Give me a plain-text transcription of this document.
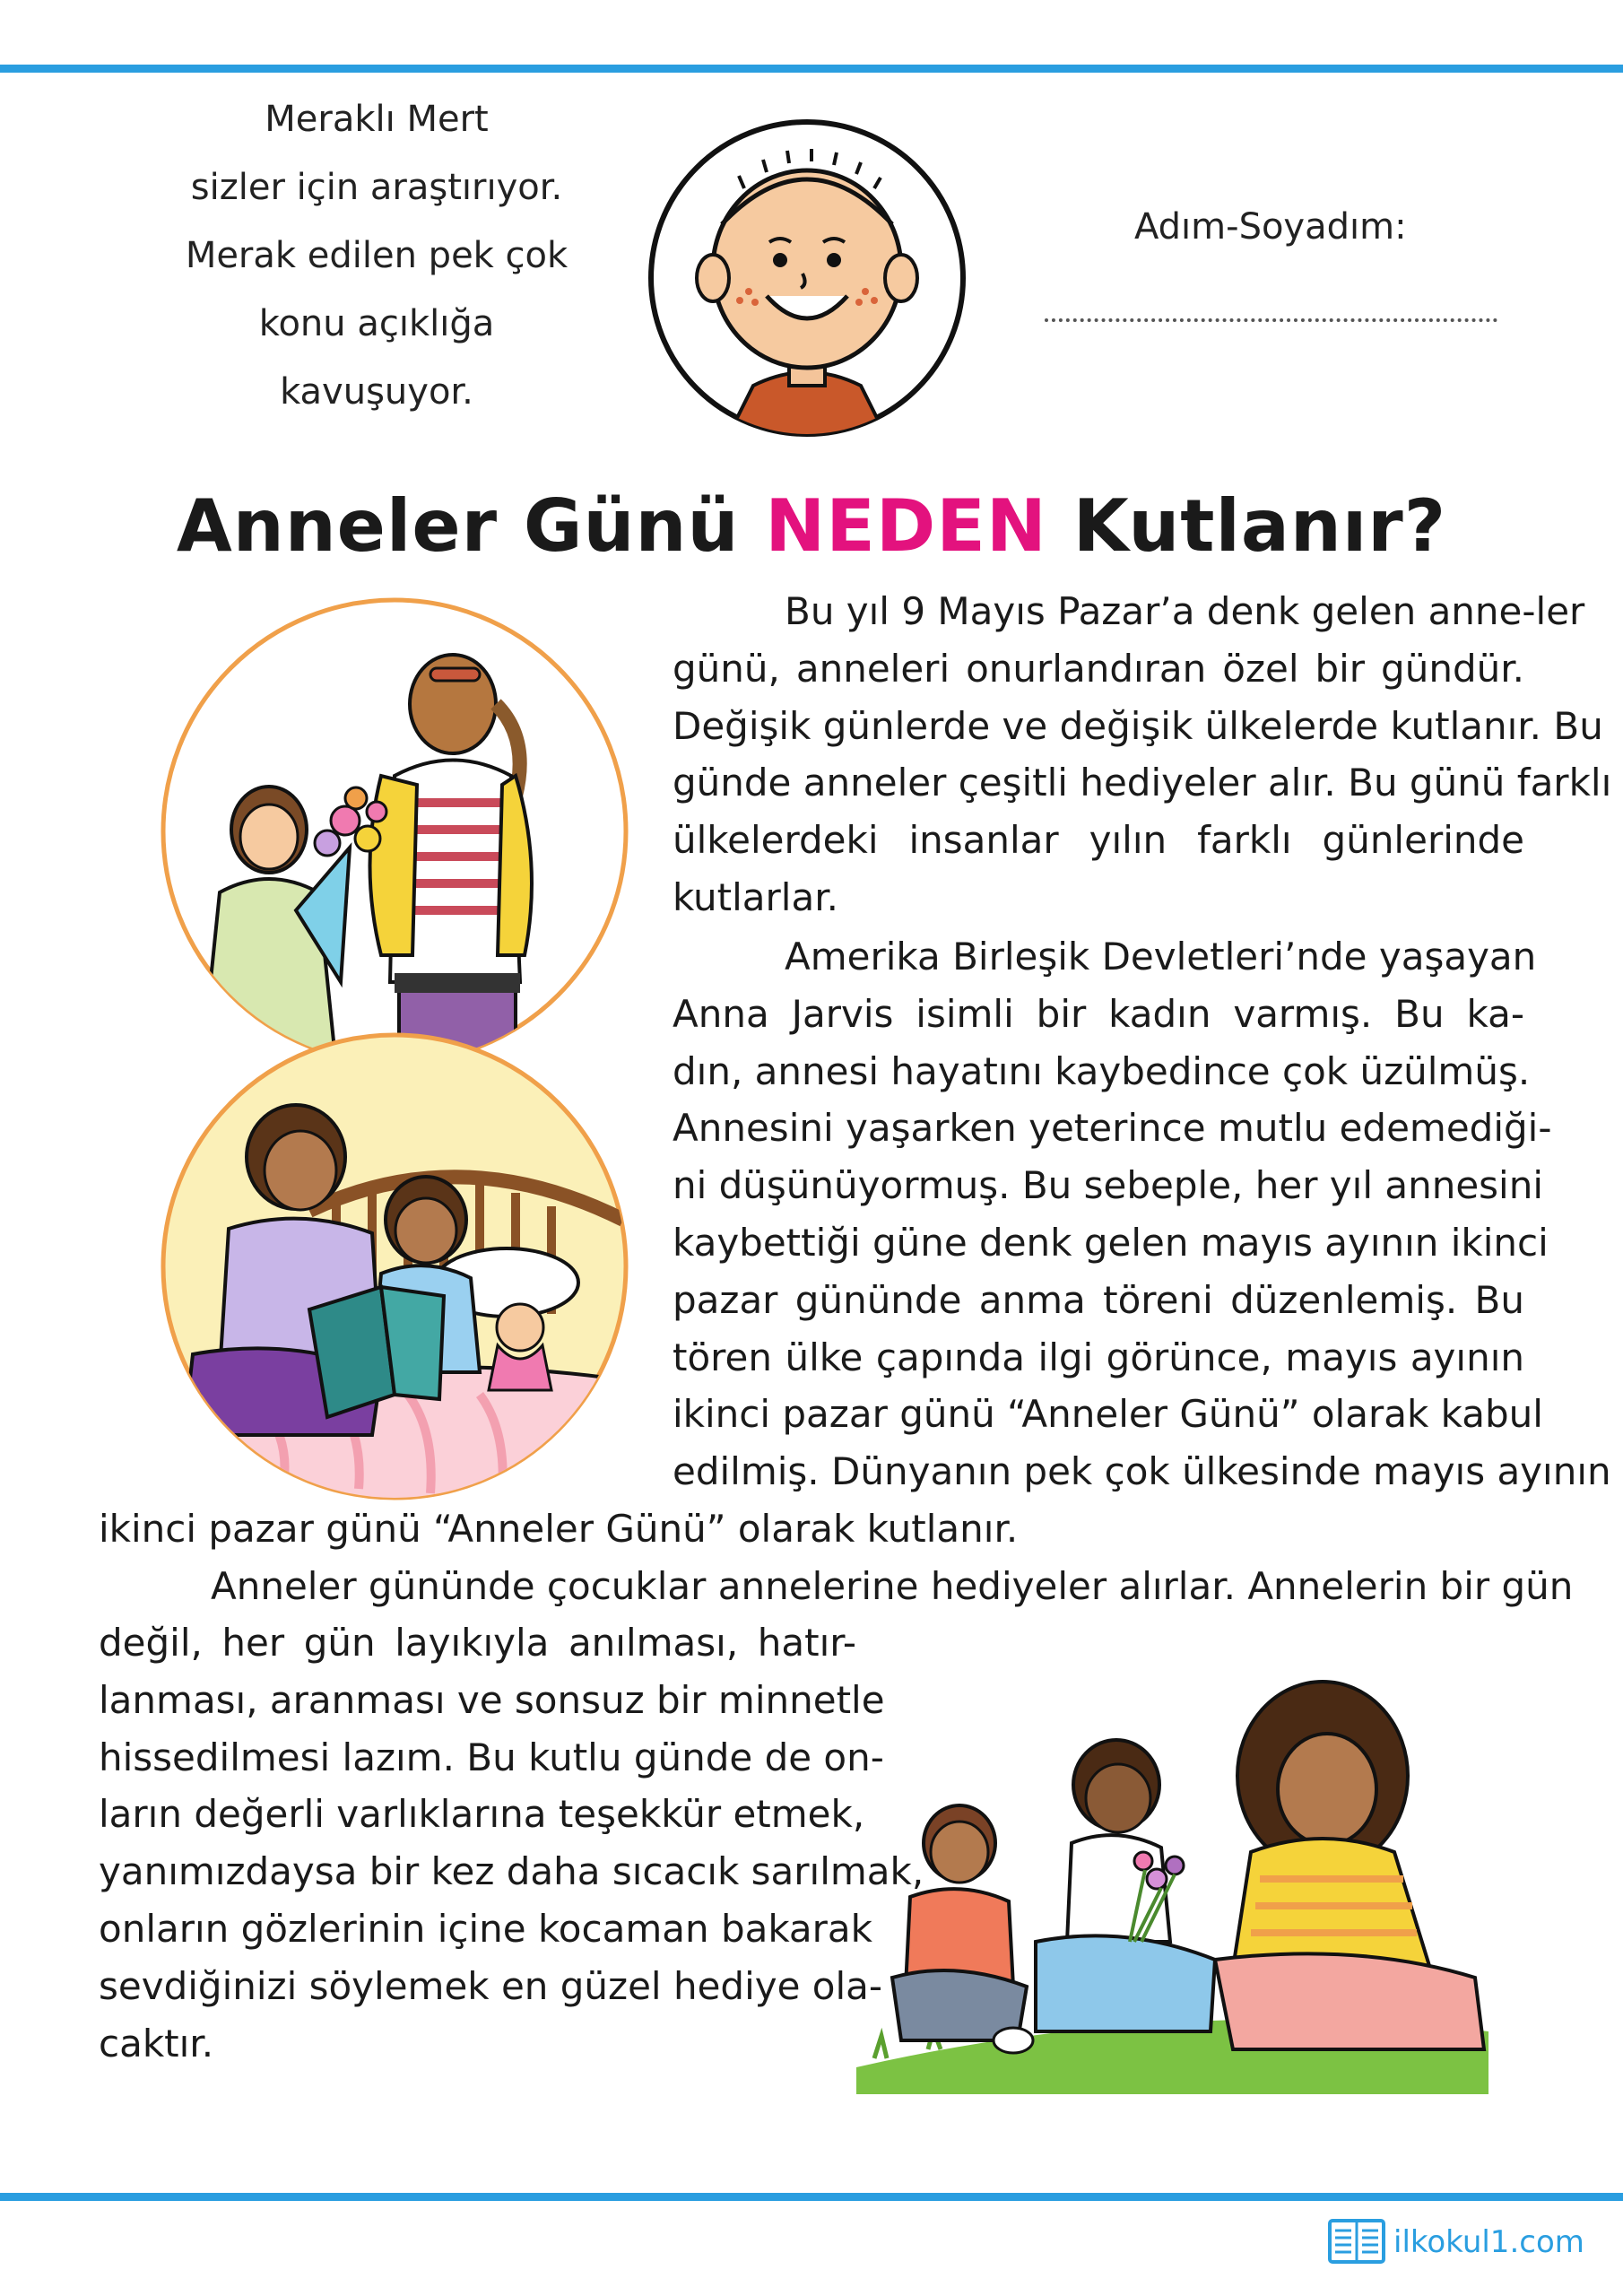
Meraklı Mert
sizler için araştırıyor.
Merak edilen pek çok
konu açıklığa
kavuşuyor.
Adım-Soyadım:
Anneler Günü NEDEN Kutlanır?
Bu yıl 9 Mayıs Pazar’a denk gelen anne-ler
günü, anneleri onurlandıran özel bir gündür.
Değişik günlerde ve değişik ülkelerde kutlanır. Bu
günde anneler çeşitli hediyeler alır. Bu günü farklı
ülkelerdeki insanlar yılın farklı günlerinde
kutlarlar.
Amerika Birleşik Devletleri’nde yaşayan
Anna Jarvis isimli bir kadın varmış. Bu ka-
dın, annesi hayatını kaybedince çok üzülmüş.
Annesini yaşarken yeterince mutlu edemediği-
ni düşünüyormuş. Bu sebeple, her yıl annesini
kaybettiği güne denk gelen mayıs ayının ikinci
pazar gününde anma töreni düzenlemiş. Bu
tören ülke çapında ilgi görünce, mayıs ayının
ikinci pazar günü “Anneler Günü” olarak kabul
edilmiş. Dünyanın pek çok ülkesinde mayıs ayının
ikinci pazar günü “Anneler Günü” olarak kutlanır.
Anneler gününde çocuklar annelerine hediyeler alırlar. Annelerin bir gün
değil, her gün layıkıyla anılması, hatır-
lanması, aranması ve sonsuz bir minnetle
hissedilmesi lazım. Bu kutlu günde de on-
ların değerli varlıklarına teşekkür etmek,
yanımızdaysa bir kez daha sıcacık sarılmak,
onların gözlerinin içine kocaman bakarak
sevdiğinizi söylemek en güzel hediye ola-
caktır.
ilkokul1.com
